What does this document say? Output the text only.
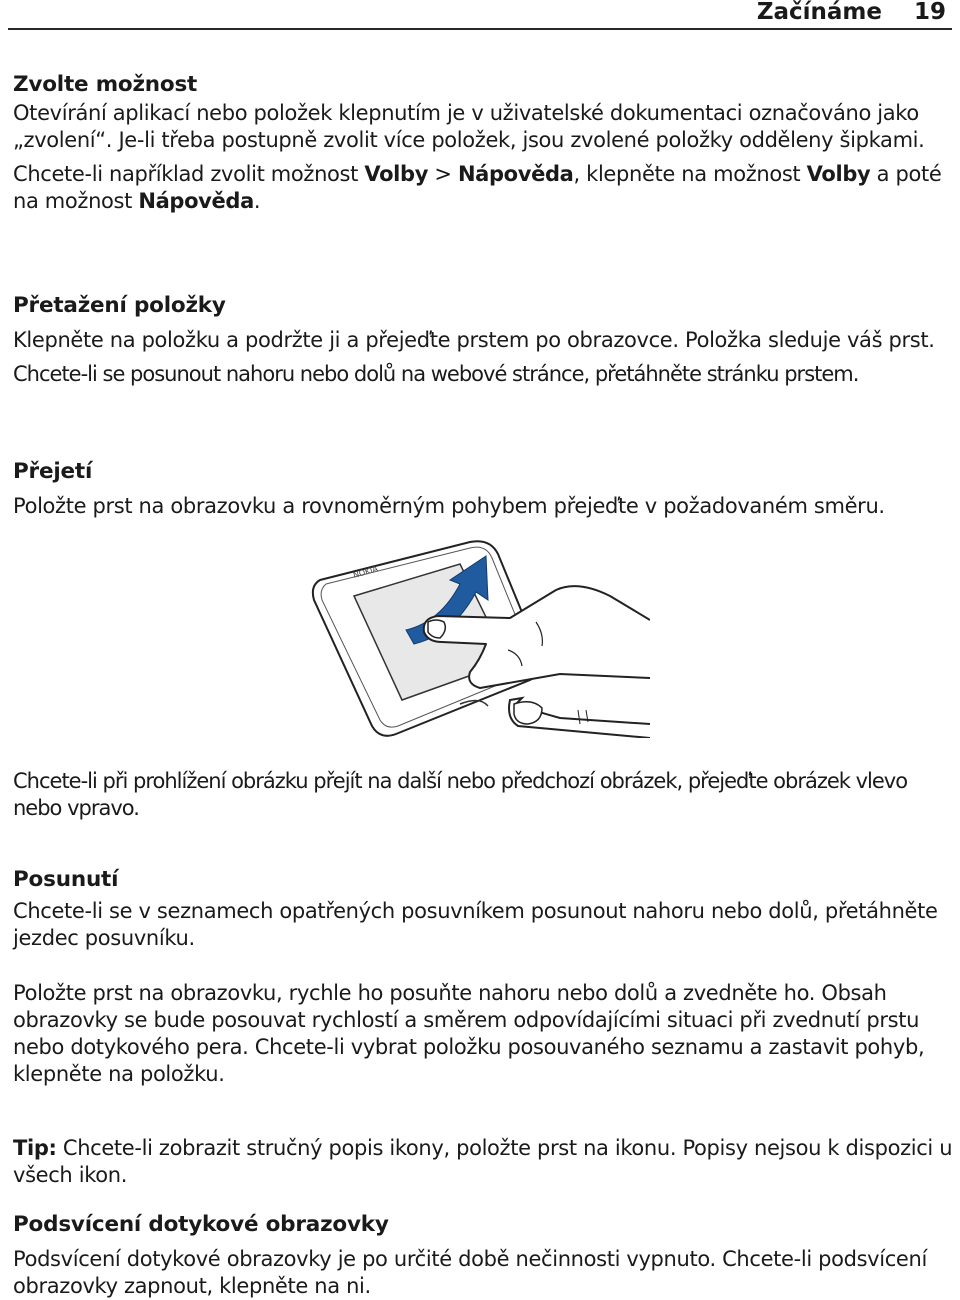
Začínáme 19
Zvolte možnost

Otevírání aplikací nebo položek klepnutím je v uživatelské dokumentaci označováno jako „zvolení“. Je-li třeba postupně zvolit více položek, jsou zvolené položky odděleny šipkami.

Chcete-li například zvolit možnost Volby > Nápověda, klepněte na možnost Volby a poté na možnost Nápověda.

Přetažení položky

Klepněte na položku a podržte ji a přejeďte prstem po obrazovce. Položka sleduje váš prst.

Chcete-li se posunout nahoru nebo dolů na webové stránce, přetáhněte stránku prstem.

Přejetí

Položte prst na obrazovku a rovnoměrným pohybem přejeďte v požadovaném směru.

NOKIA

Chcete-li při prohlížení obrázku přejít na další nebo předchozí obrázek, přejeďte obrázek vlevo nebo vpravo.

Posunutí

Chcete-li se v seznamech opatřených posuvníkem posunout nahoru nebo dolů, přetáhněte jezdec posuvníku.

Položte prst na obrazovku, rychle ho posuňte nahoru nebo dolů a zvedněte ho. Obsah obrazovky se bude posouvat rychlostí a směrem odpovídajícími situaci při zvednutí prstu nebo dotykového pera. Chcete-li vybrat položku posouvaného seznamu a zastavit pohyb, klepněte na položku.

Tip: Chcete-li zobrazit stručný popis ikony, položte prst na ikonu. Popisy nejsou k dispozici u všech ikon.

Podsvícení dotykové obrazovky

Podsvícení dotykové obrazovky je po určité době nečinnosti vypnuto. Chcete-li podsvícení obrazovky zapnout, klepněte na ni.
